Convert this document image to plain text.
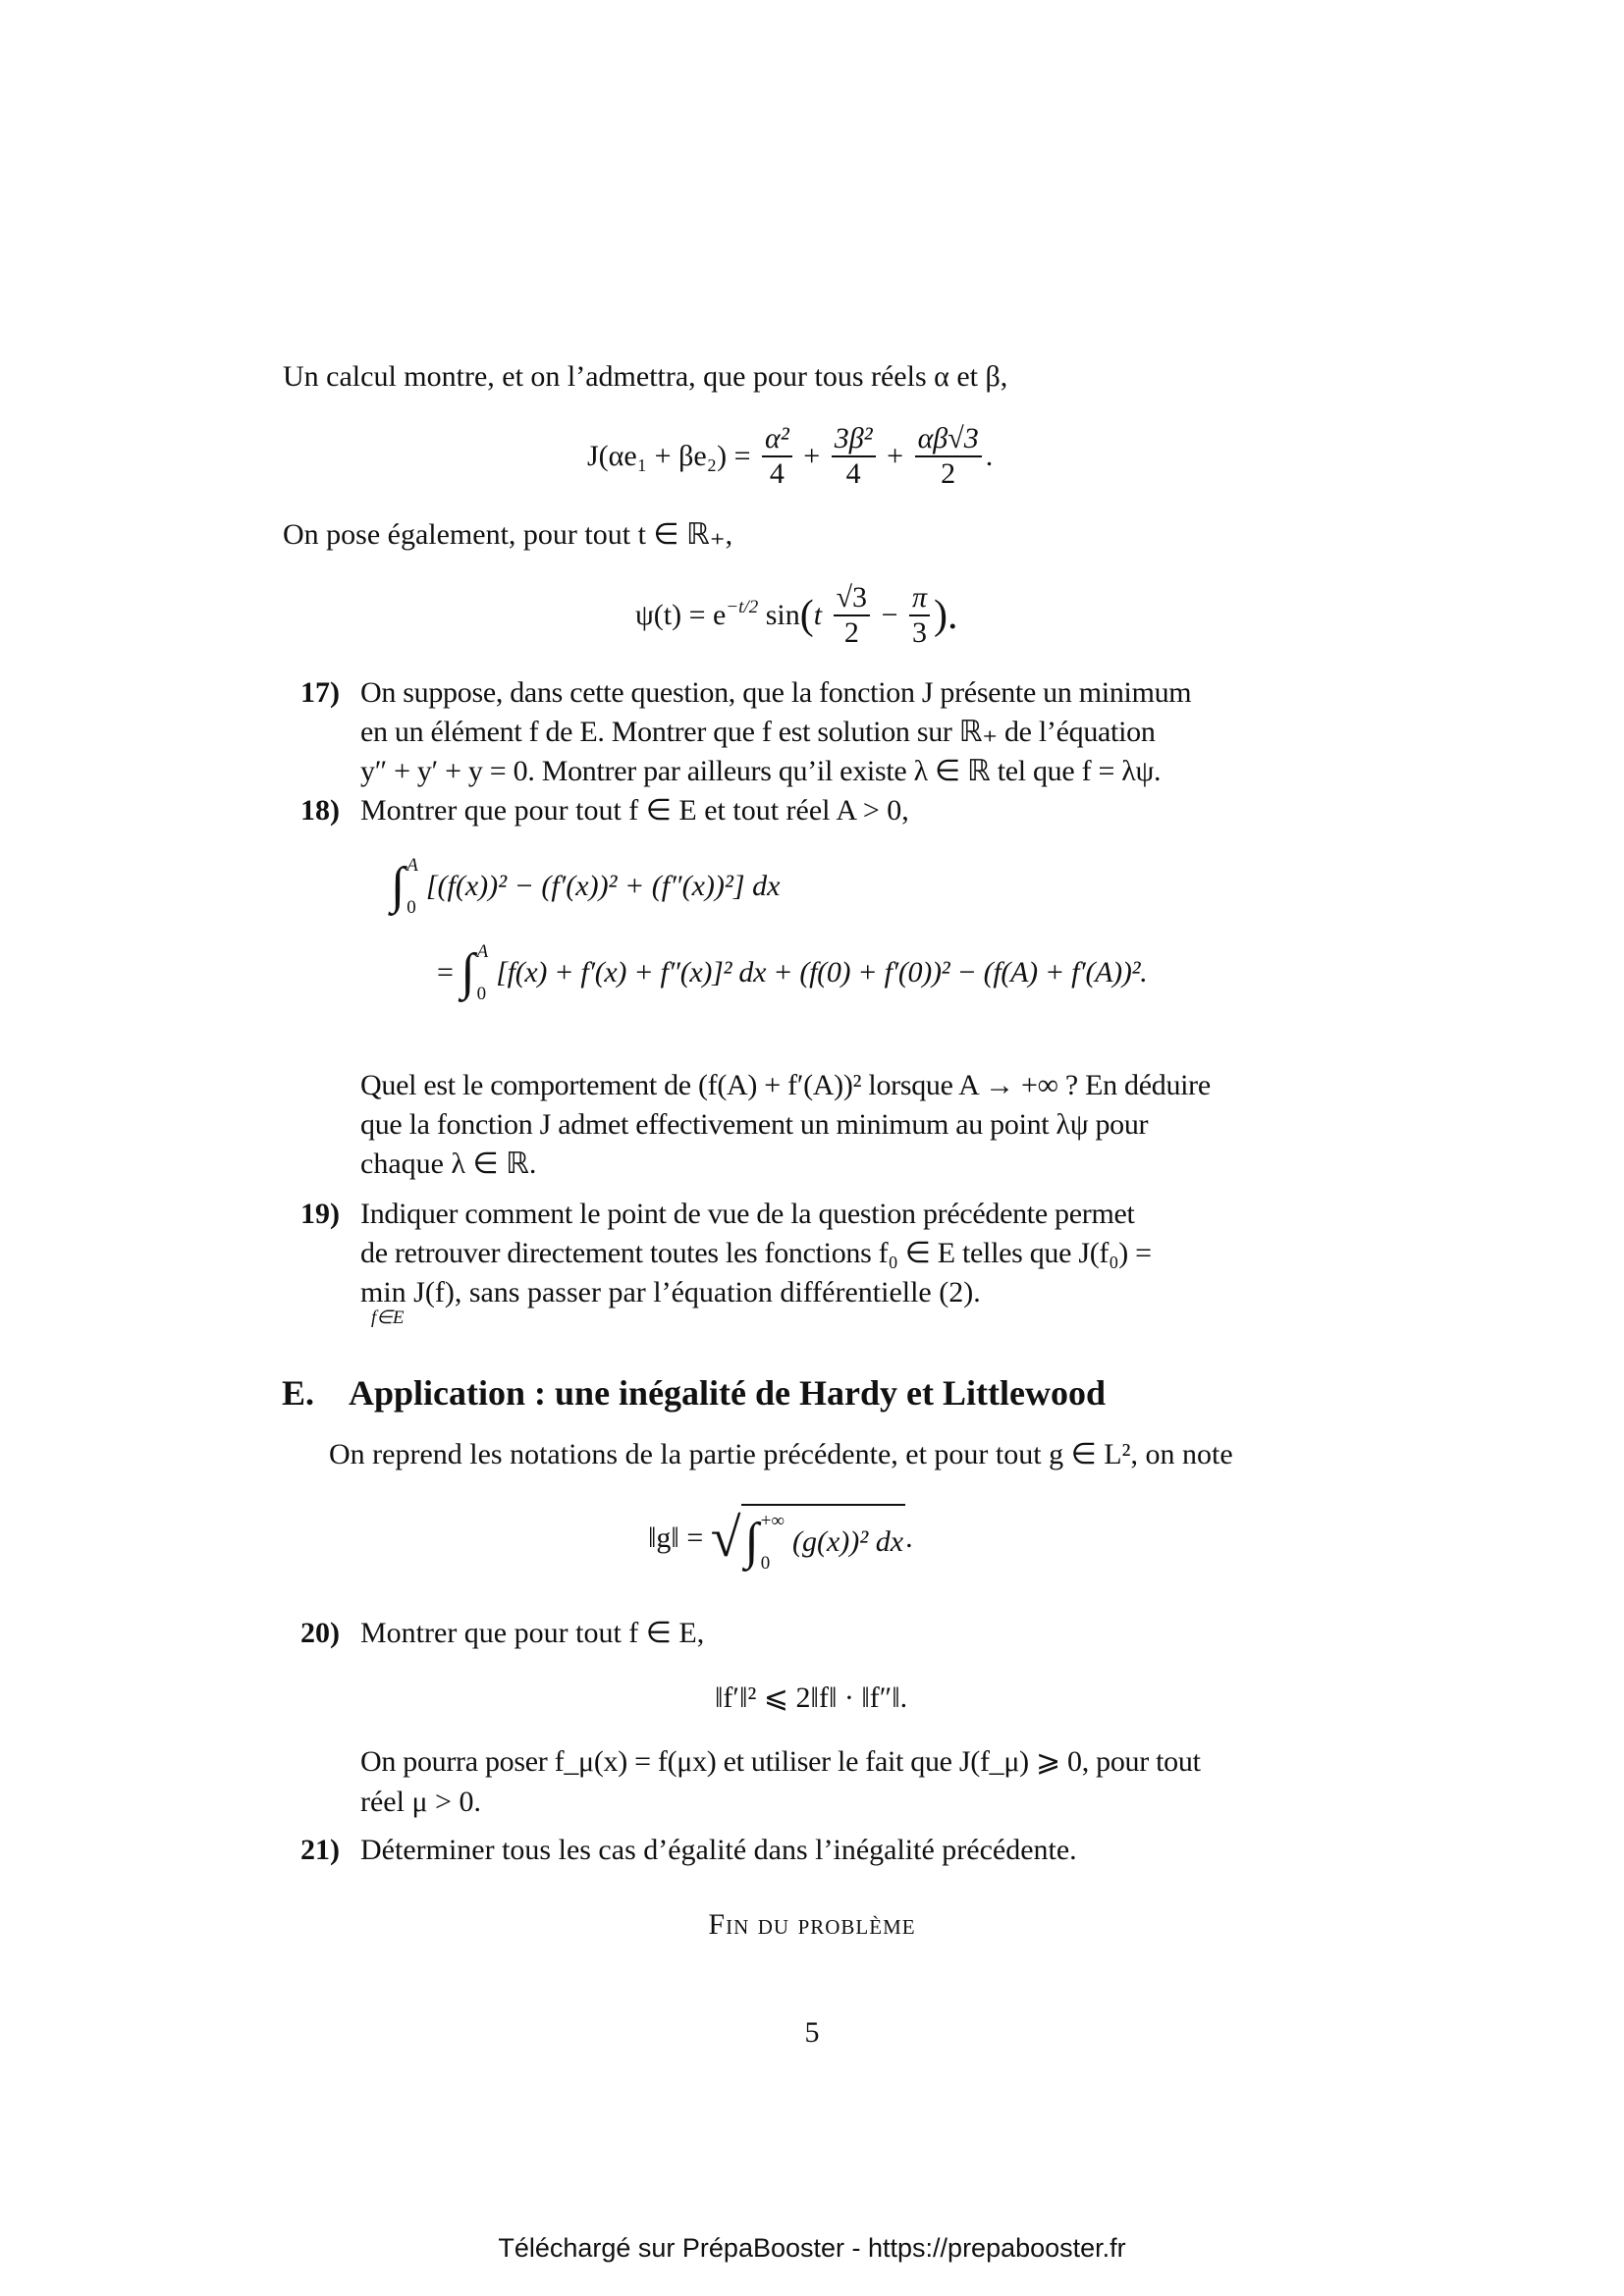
Un calcul montre, et on l’admettra, que pour tous réels α et β,
$J(\alpha e_1 + \beta e_2) = \frac{\text{α²}}{4} + \frac{\text{3β²}}{4} + \frac{\alpha\beta√3}{2}$ .
On pose également, pour tout t ∈ ℝ₊,
$\psi(t) = e^{-t/2}$ $\sin(t \frac{√3}{2} - \frac{\pi}{3}$ ).
17) On suppose, dans cette question, que la fonction J présente un minimum
en un élément f de E. Montrer que f est solution sur ℝ₊ de l’équation
y″ + y′ + y = 0. Montrer par ailleurs qu’il existe λ ∈ ℝ tel que f = λψ.
18) Montrer que pour tout f ∈ E et tout réel A > 0,
∫ A
0
[(f(x))² − (f′(x))² + (f″(x))²] dx
= ∫ A
0
[f(x) + f′(x) + f″(x)]² dx + (f(0) + f′(0))² − (f(A) + f′(A))².
Quel est le comportement de (f(A) + f′(A))² lorsque A → +∞ ? En déduire
que la fonction J admet effectivement un minimum au point λψ pour
chaque λ ∈ ℝ.
19) Indiquer comment le point de vue de la question précédente permet
de retrouver directement toutes les fonctions f₀ ∈ E telles que J(f₀) =
min J(f), sans passer par l’équation différentielle (2).
f∈E
E. Application : une inégalité de Hardy et Littlewood
On reprend les notations de la partie précédente, et pour tout g ∈ L², on note
‖g‖ = √ ∫ +∞
0
(g(x))² dx .
20) Montrer que pour tout f ∈ E,
‖f′‖² ⩽ 2‖f‖ · ‖f″‖.
On pourra poser f_μ(x) = f(μx) et utiliser le fait que J(f_μ) ⩾ 0, pour tout
réel μ > 0.
21) Déterminer tous les cas d’égalité dans l’inégalité précédente.
Fin du problème
5
Téléchargé sur PrépaBooster - https://prepabooster.fr
